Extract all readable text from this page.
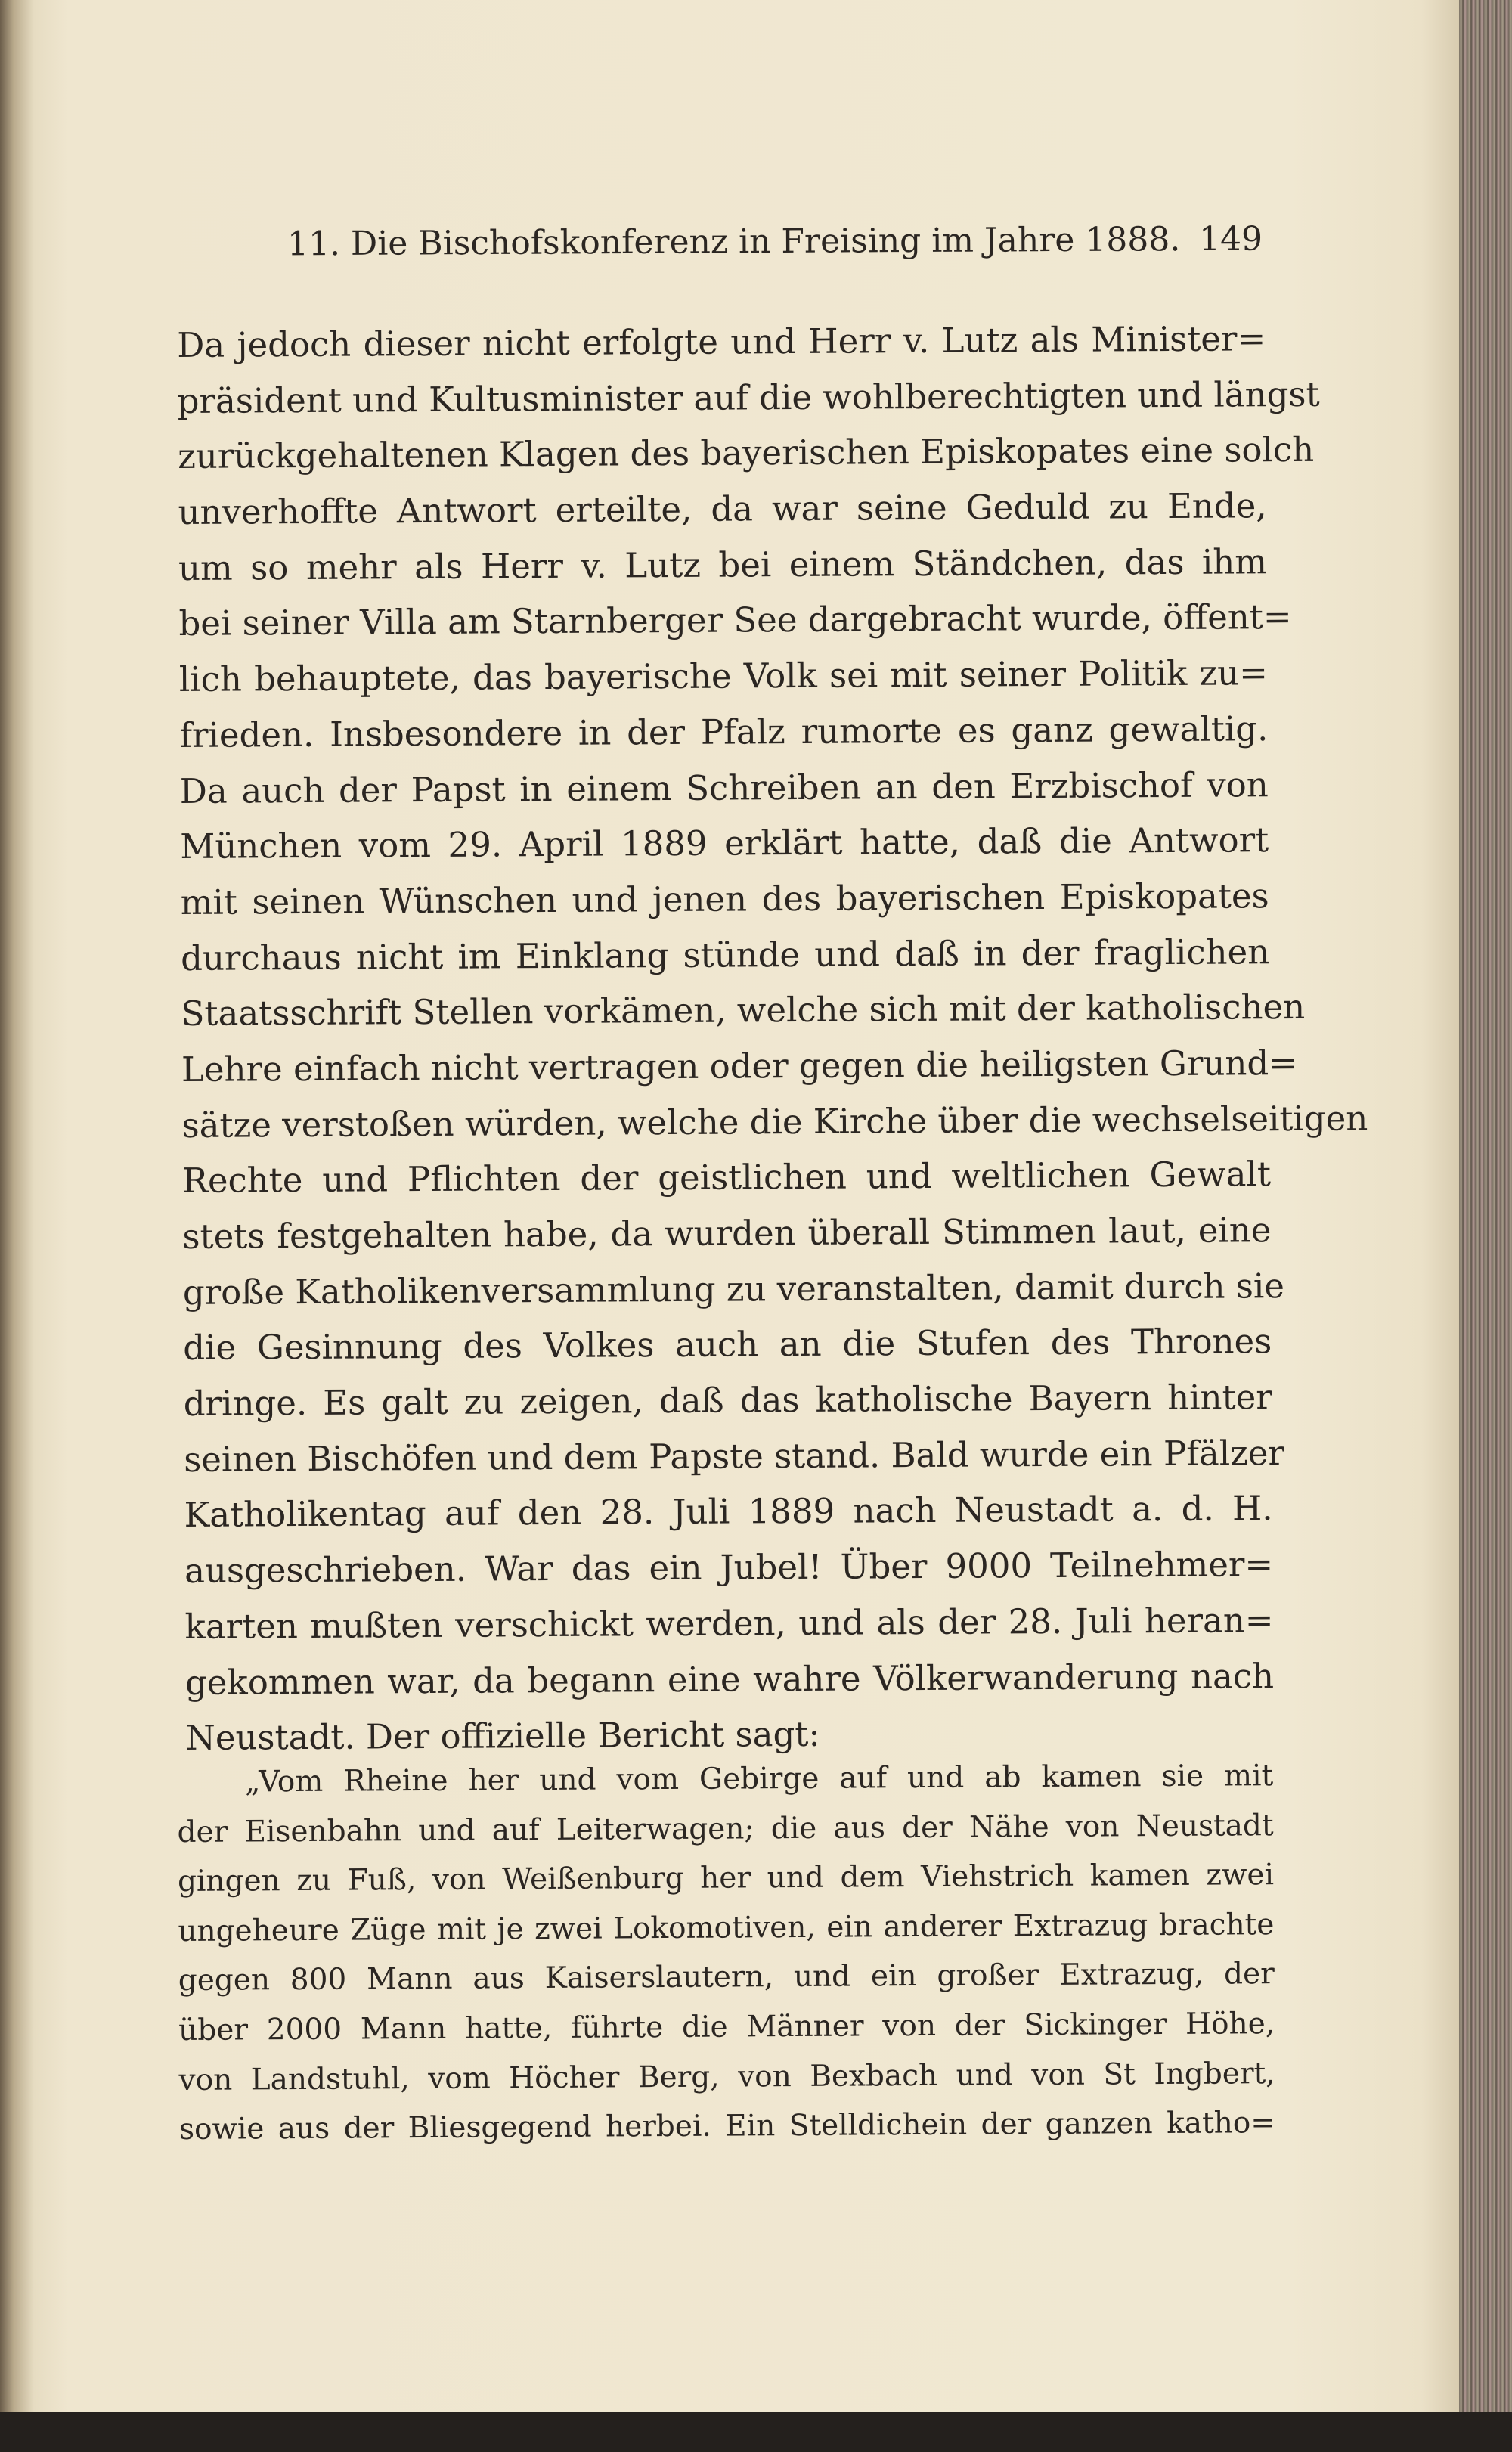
11. Die Bischofskonferenz in Freising im Jahre 1888. 149
Da jedoch dieser nicht erfolgte und Herr v. Lutz als Minister=
präsident und Kultusminister auf die wohlberechtigten und längst
zurückgehaltenen Klagen des bayerischen Episkopates eine solch
unverhoffte Antwort erteilte, da war seine Geduld zu Ende,
um so mehr als Herr v. Lutz bei einem Ständchen, das ihm
bei seiner Villa am Starnberger See dargebracht wurde, öffent=
lich behauptete, das bayerische Volk sei mit seiner Politik zu=
frieden. Insbesondere in der Pfalz rumorte es ganz gewaltig.
Da auch der Papst in einem Schreiben an den Erzbischof von
München vom 29. April 1889 erklärt hatte, daß die Antwort
mit seinen Wünschen und jenen des bayerischen Episkopates
durchaus nicht im Einklang stünde und daß in der fraglichen
Staatsschrift Stellen vorkämen, welche sich mit der katholischen
Lehre einfach nicht vertragen oder gegen die heiligsten Grund=
sätze verstoßen würden, welche die Kirche über die wechselseitigen
Rechte und Pflichten der geistlichen und weltlichen Gewalt
stets festgehalten habe, da wurden überall Stimmen laut, eine
große Katholikenversammlung zu veranstalten, damit durch sie
die Gesinnung des Volkes auch an die Stufen des Thrones
dringe. Es galt zu zeigen, daß das katholische Bayern hinter
seinen Bischöfen und dem Papste stand. Bald wurde ein Pfälzer
Katholikentag auf den 28. Juli 1889 nach Neustadt a. d. H.
ausgeschrieben. War das ein Jubel! Über 9000 Teilnehmer=
karten mußten verschickt werden, und als der 28. Juli heran=
gekommen war, da begann eine wahre Völkerwanderung nach
Neustadt. Der offizielle Bericht sagt:
„Vom Rheine her und vom Gebirge auf und ab kamen sie mit
der Eisenbahn und auf Leiterwagen; die aus der Nähe von Neustadt
gingen zu Fuß, von Weißenburg her und dem Viehstrich kamen zwei
ungeheure Züge mit je zwei Lokomotiven, ein anderer Extrazug brachte
gegen 800 Mann aus Kaiserslautern, und ein großer Extrazug, der
über 2000 Mann hatte, führte die Männer von der Sickinger Höhe,
von Landstuhl, vom Höcher Berg, von Bexbach und von St Ingbert,
sowie aus der Bliesgegend herbei. Ein Stelldichein der ganzen katho=
